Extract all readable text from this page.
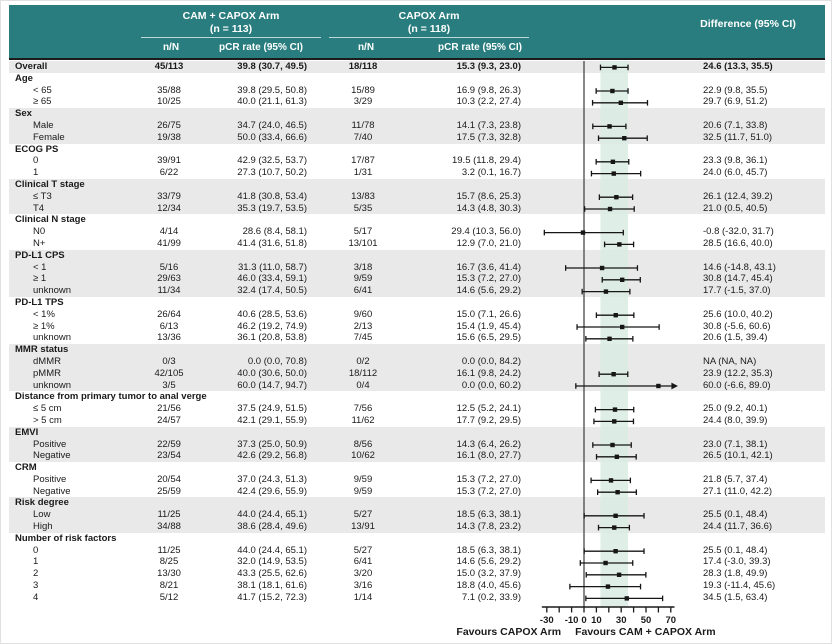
CAM + CAPOX Arm
(n = 113)
CAPOX Arm
(n = 118)	Difference (95% CI)
n/N	pCR rate (95% CI)	n/N	pCR rate (95% CI)
Overall	45/113	39.8 (30.7, 49.5)	18/118	15.3 (9.3, 23.0)	24.6 (13.3, 35.5)
Age
< 65	35/88	39.8 (29.5, 50.8)	15/89	16.9 (9.8, 26.3)	22.9 (9.8, 35.5)
≥ 65	10/25	40.0 (21.1, 61.3)	3/29	10.3 (2.2, 27.4)	29.7 (6.9, 51.2)
Sex
Male	26/75	34.7 (24.0, 46.5)	11/78	14.1 (7.3, 23.8)	20.6 (7.1, 33.8)
Female	19/38	50.0 (33.4, 66.6)	7/40	17.5 (7.3, 32.8)	32.5 (11.7, 51.0)
ECOG PS
0	39/91	42.9 (32.5, 53.7)	17/87	19.5 (11.8, 29.4)	23.3 (9.8, 36.1)
1	6/22	27.3 (10.7, 50.2)	1/31	3.2 (0.1, 16.7)	24.0 (6.0, 45.7)
Clinical T stage
≤ T3	33/79	41.8 (30.8, 53.4)	13/83	15.7 (8.6, 25.3)	26.1 (12.4, 39.2)
T4	12/34	35.3 (19.7, 53.5)	5/35	14.3 (4.8, 30.3)	21.0 (0.5, 40.5)
Clinical N stage
N0	4/14	28.6 (8.4, 58.1)	5/17	29.4 (10.3, 56.0)	-0.8 (-32.0, 31.7)
N+	41/99	41.4 (31.6, 51.8)	13/101	12.9 (7.0, 21.0)	28.5 (16.6, 40.0)
PD-L1 CPS
< 1	5/16	31.3 (11.0, 58.7)	3/18	16.7 (3.6, 41.4)	14.6 (-14.8, 43.1)
≥ 1	29/63	46.0 (33.4, 59.1)	9/59	15.3 (7.2, 27.0)	30.8 (14.7, 45.4)
unknown	11/34	32.4 (17.4, 50.5)	6/41	14.6 (5.6, 29.2)	17.7 (-1.5, 37.0)
PD-L1 TPS
< 1%	26/64	40.6 (28.5, 53.6)	9/60	15.0 (7.1, 26.6)	25.6 (10.0, 40.2)
≥ 1%	6/13	46.2 (19.2, 74.9)	2/13	15.4 (1.9, 45.4)	30.8 (-5.6, 60.6)
unknown	13/36	36.1 (20.8, 53.8)	7/45	15.6 (6.5, 29.5)	20.6 (1.5, 39.4)
MMR status
dMMR	0/3	0.0 (0.0, 70.8)	0/2	0.0 (0.0, 84.2)	NA (NA, NA)
pMMR	42/105	40.0 (30.6, 50.0)	18/112	16.1 (9.8, 24.2)	23.9 (12.2, 35.3)
unknown	3/5	60.0 (14.7, 94.7)	0/4	0.0 (0.0, 60.2)	60.0 (-6.6, 89.0)
Distance from primary tumor to anal verge
≤ 5 cm	21/56	37.5 (24.9, 51.5)	7/56	12.5 (5.2, 24.1)	25.0 (9.2, 40.1)
> 5 cm	24/57	42.1 (29.1, 55.9)	11/62	17.7 (9.2, 29.5)	24.4 (8.0, 39.9)
EMVI
Positive	22/59	37.3 (25.0, 50.9)	8/56	14.3 (6.4, 26.2)	23.0 (7.1, 38.1)
Negative	23/54	42.6 (29.2, 56.8)	10/62	16.1 (8.0, 27.7)	26.5 (10.1, 42.1)
CRM
Positive	20/54	37.0 (24.3, 51.3)	9/59	15.3 (7.2, 27.0)	21.8 (5.7, 37.4)
Negative	25/59	42.4 (29.6, 55.9)	9/59	15.3 (7.2, 27.0)	27.1 (11.0, 42.2)
Risk degree
Low	11/25	44.0 (24.4, 65.1)	5/27	18.5 (6.3, 38.1)	25.5 (0.1, 48.4)
High	34/88	38.6 (28.4, 49.6)	13/91	14.3 (7.8, 23.2)	24.4 (11.7, 36.6)
Number of risk factors
0	11/25	44.0 (24.4, 65.1)	5/27	18.5 (6.3, 38.1)	25.5 (0.1, 48.4)
1	8/25	32.0 (14.9, 53.5)	6/41	14.6 (5.6, 29.2)	17.4 (-3.0, 39.3)
2	13/30	43.3 (25.5, 62.6)	3/20	15.0 (3.2, 37.9)	28.3 (1.8, 49.9)
3	8/21	38.1 (18.1, 61.6)	3/16	18.8 (4.0, 45.6)	19.3 (-11.4, 45.6)
4	5/12	41.7 (15.2, 72.3)	1/14	7.1 (0.2, 33.9)	34.5 (1.5, 63.4)
-30 -10 0 10 30 50 70
Favours CAPOX Arm Favours CAM + CAPOX Arm
